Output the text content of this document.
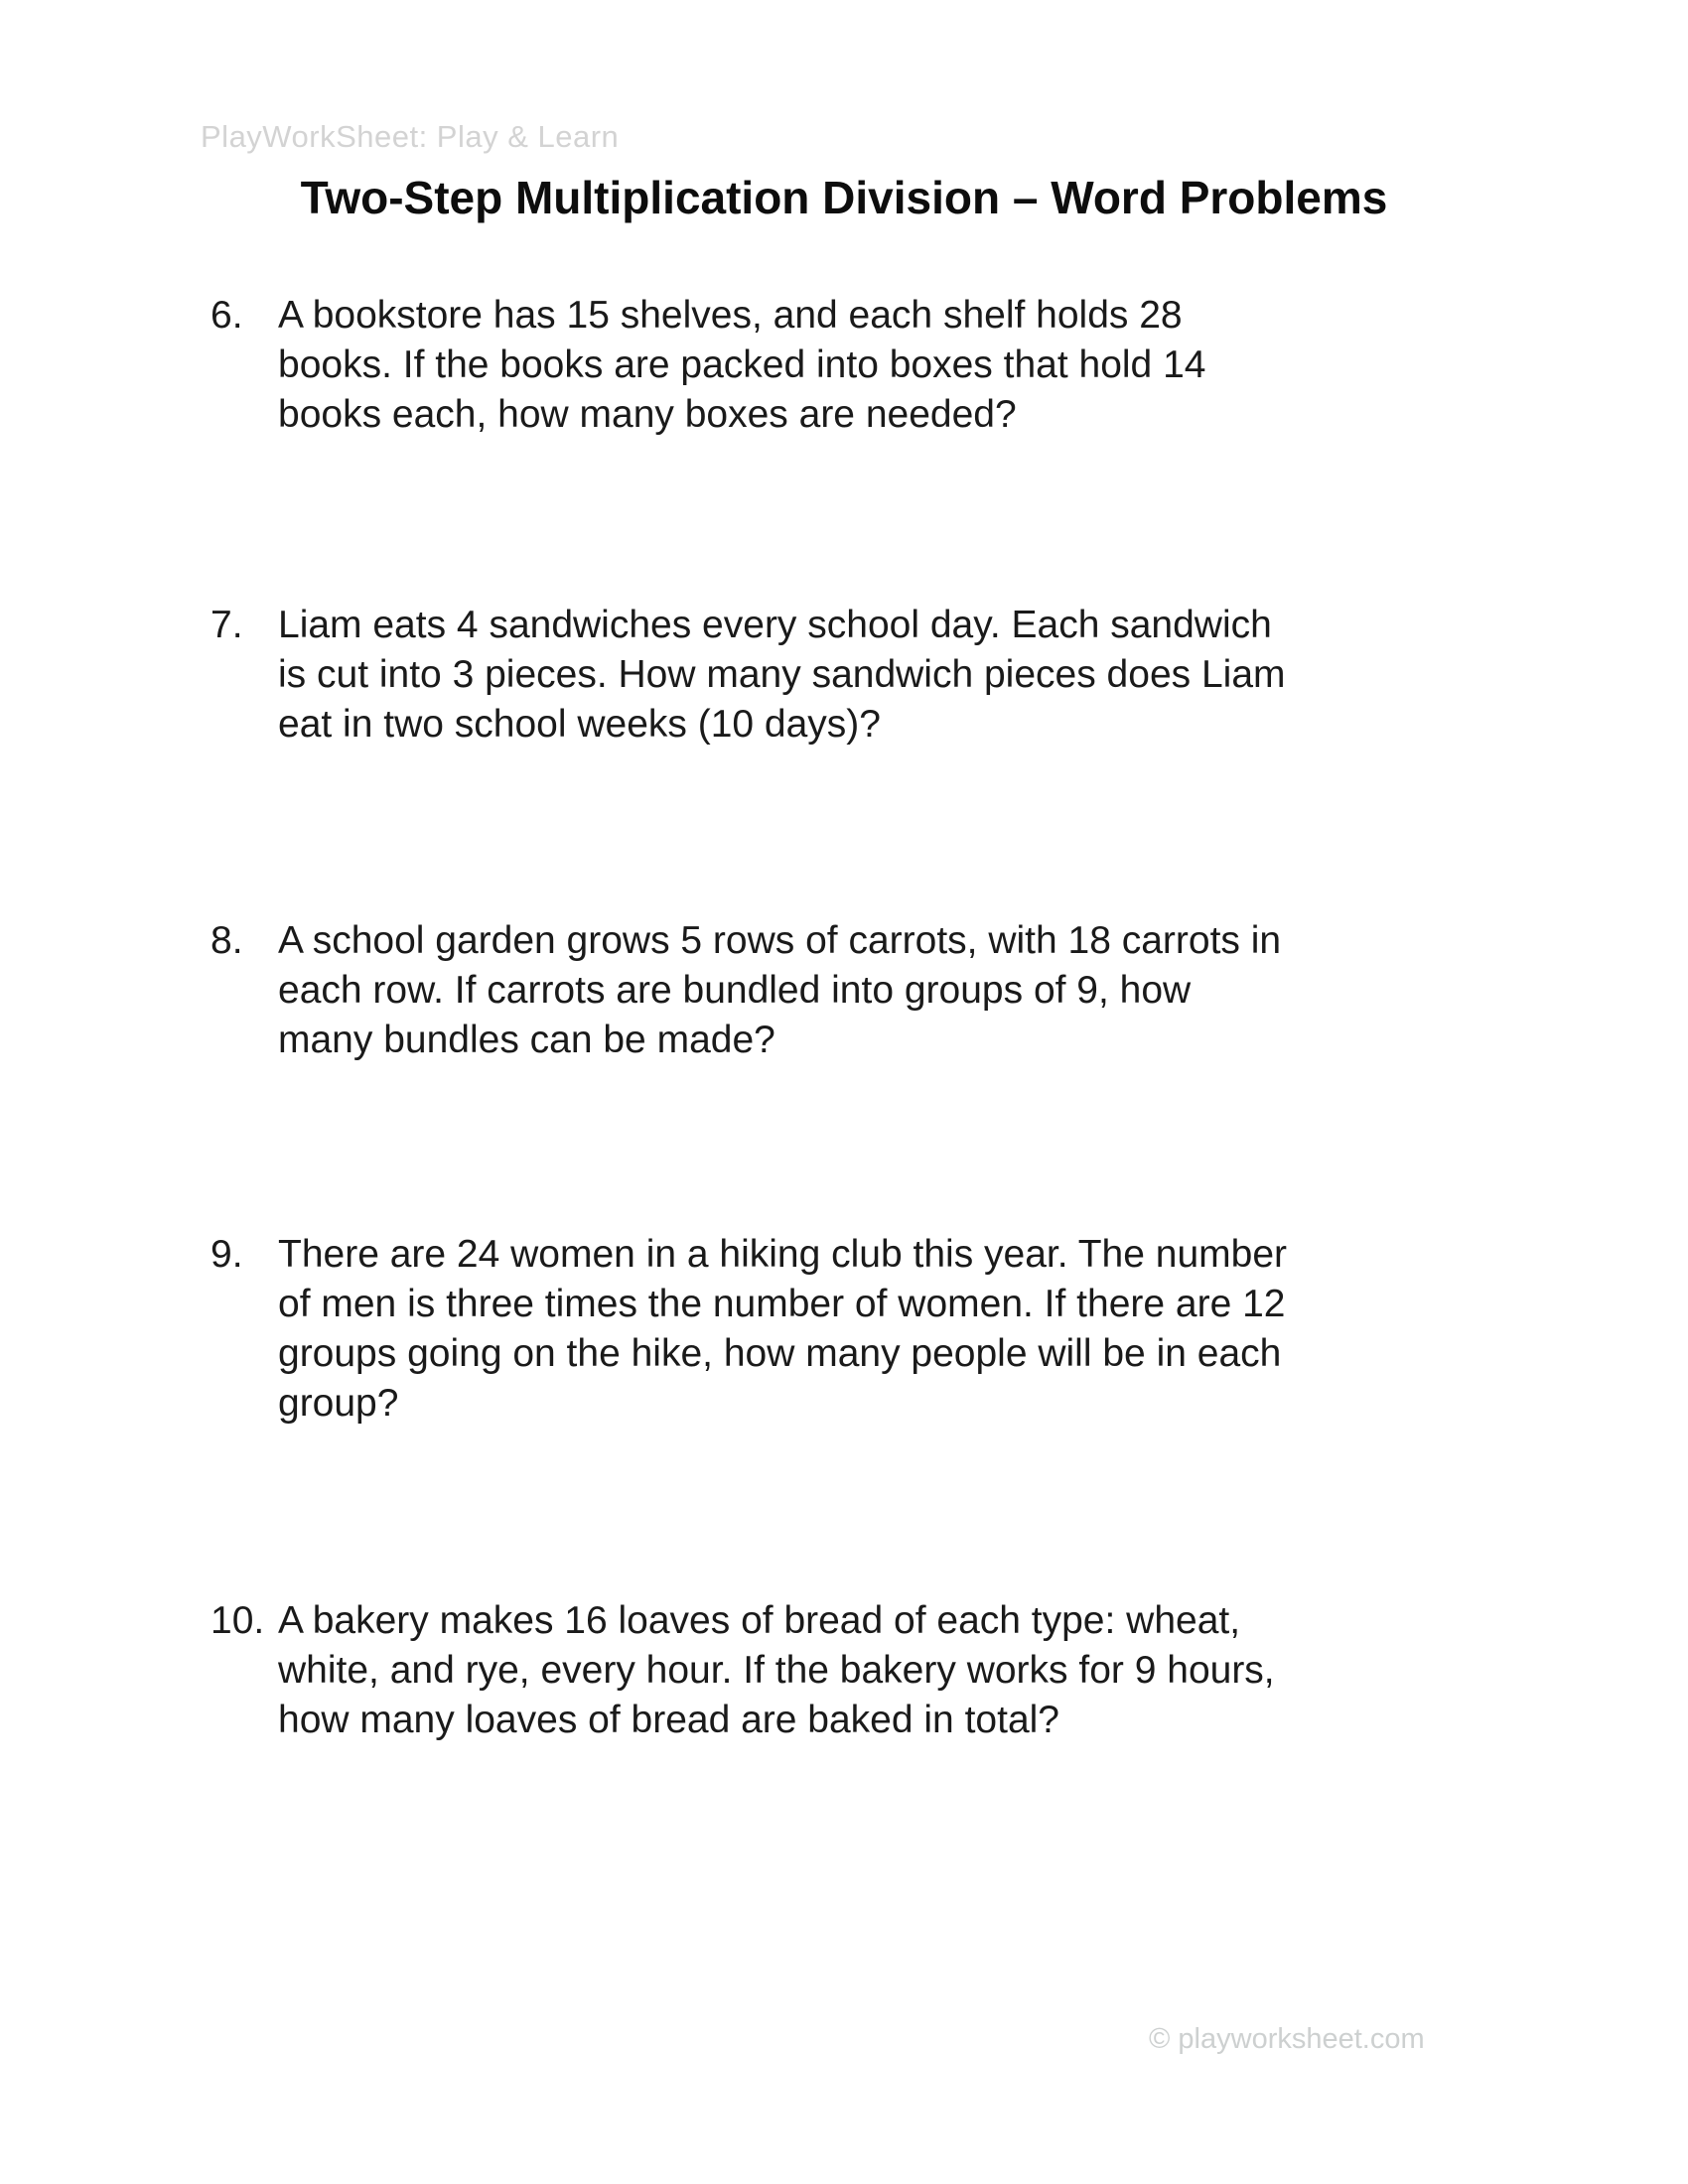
PlayWorkSheet: Play & Learn
Two-Step Multiplication Division – Word Problems
6. A bookstore has 15 shelves, and each shelf holds 28
books. If the books are packed into boxes that hold 14
books each, how many boxes are needed?
7. Liam eats 4 sandwiches every school day. Each sandwich
is cut into 3 pieces. How many sandwich pieces does Liam
eat in two school weeks (10 days)?
8. A school garden grows 5 rows of carrots, with 18 carrots in
each row. If carrots are bundled into groups of 9, how
many bundles can be made?
9. There are 24 women in a hiking club this year. The number
of men is three times the number of women. If there are 12
groups going on the hike, how many people will be in each
group?
10. A bakery makes 16 loaves of bread of each type: wheat,
white, and rye, every hour. If the bakery works for 9 hours,
how many loaves of bread are baked in total?
© playworksheet.com
